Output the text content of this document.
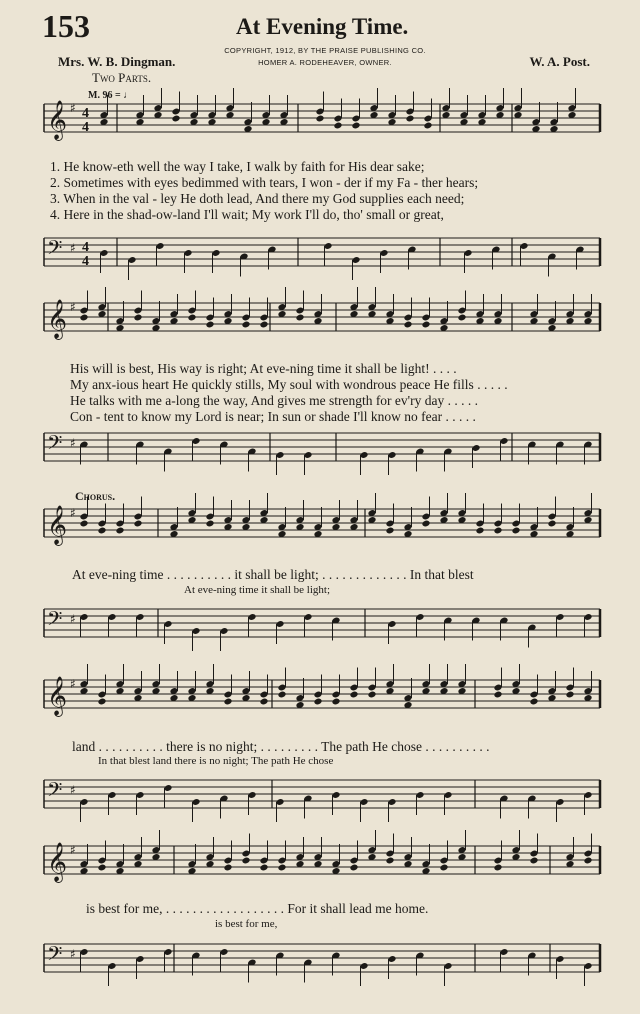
153	At Evening Time.
Mrs. W. B. Dingman.	W. A. Post.
COPYRIGHT, 1912, BY THE PRAISE PUBLISHING CO.
HOMER A. RODEHEAVER, OWNER.
Two Parts.
M. 96 = ♩
Chorus.
𝄞 ♯ 4
4
𝄢 ♯ 4
4
𝄞 ♯
𝄢 ♯
𝄞 ♯
𝄢 ♯
𝄞 ♯
𝄢 ♯
𝄞 ♯
𝄢 ♯
1. He know-eth well the way I take, I walk by faith for His dear sake;
2. Sometimes with eyes bedimmed with tears, I won - der if my Fa - ther hears;
3. When in the val - ley He doth lead, And there my God supplies each need;
4. Here in the shad-ow-land I'll wait; My work I'll do, tho' small or great,
His will is best, His way is right; At eve-ning time it shall be light! . . . .
My anx-ious heart He quickly stills, My soul with wondrous peace He fills . . . . .
He talks with me a-long the way, And gives me strength for ev'ry day . . . . .
Con - tent to know my Lord is near; In sun or shade I'll know no fear . . . . .
At eve-ning time . . . . . . . . . . it shall be light; . . . . . . . . . . . . . In that blest
At eve-ning time it shall be light;
land . . . . . . . . . . there is no night; . . . . . . . . . The path He chose . . . . . . . . . .
In that blest land there is no night; The path He chose
is best for me, . . . . . . . . . . . . . . . . . . For it shall lead me home.
is best for me,
